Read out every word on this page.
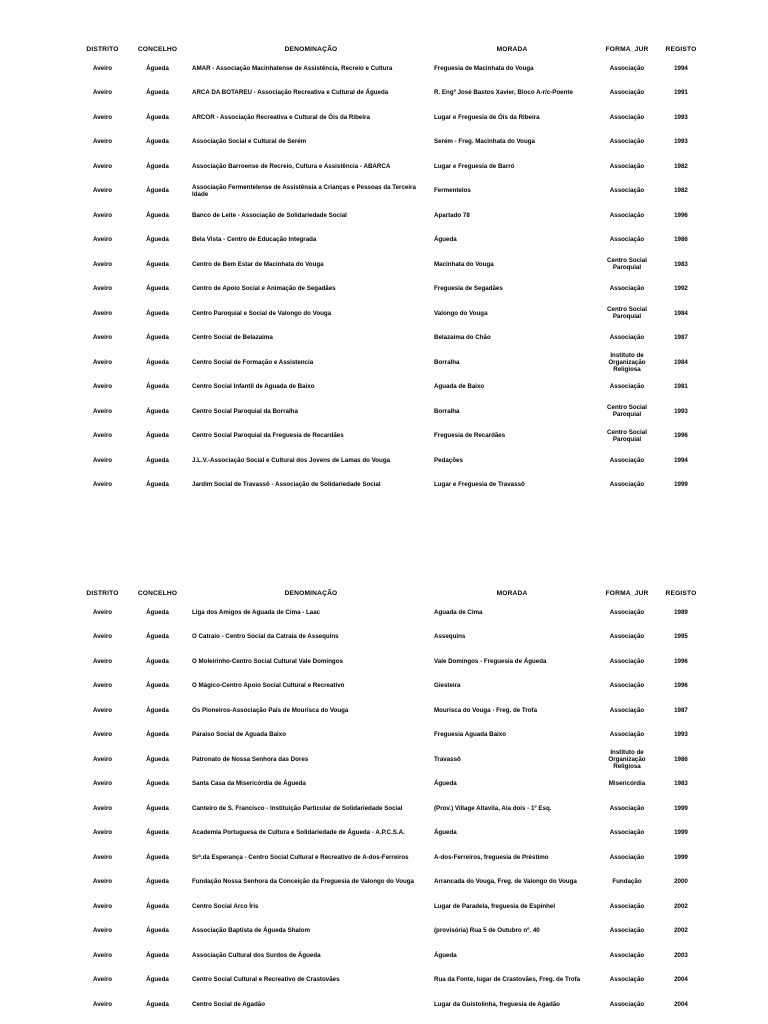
DISTRITO	CONCELHO	DENOMINAÇÃO	MORADA	FORMA_JUR	REGISTO
Aveiro	Águeda	AMAR - Associação Macinhatense de Assistência, Recreio e Cultura	Freguesia de Macinhata do Vouga	Associação	1994
Aveiro	Águeda	ARCA DA BOTAREU - Associação Recreativa e Cultural de Águeda	R. Engº José Bastos Xavier, Bloco A-r/c-Poente	Associação	1991
Aveiro	Águeda	ARCOR - Associação Recreativa e Cultural de Óis da Ribeira	Lugar e Freguesia de Óis da Ribeira	Associação	1993
Aveiro	Águeda	Associação Social e Cultural de Serém	Serém - Freg. Macinhata do Vouga	Associação	1993
Aveiro	Águeda	Associação Barroense de Recreio, Cultura e Assistência - ABARCA	Lugar e Freguesia de Barró	Associação	1982
Aveiro	Águeda	Associação Fermentelense de Assistênsia a Crianças e Pessoas da Terceira Idade	Fermentelos	Associação	1982
Aveiro	Águeda	Banco de Leite - Associação de Solidariedade Social	Apartado 78	Associação	1996
Aveiro	Águeda	Bela Vista - Centro de Educação Integrada	Águeda	Associação	1986
Aveiro	Águeda	Centro de Bem Estar de Macinhata do Vouga	Macinhata do Vouga	Centro Social Paroquial	1983
Aveiro	Águeda	Centro de Apoio Social e Animação de Segadães	Freguesia de Segadães	Associação	1992
Aveiro	Águeda	Centro Paroquial e Social de Valongo do Vouga	Valongo do Vouga	Centro Social Paroquial	1984
Aveiro	Águeda	Centro Social de Belazaima	Belazaima do Chão	Associação	1987
Aveiro	Águeda	Centro Social de Formação e Assistencia	Borralha	Instituto de Organização Religiosa	1984
Aveiro	Águeda	Centro Social Infantil de Aguada de Baixo	Aguada de Baixo	Associação	1981
Aveiro	Águeda	Centro Social Paroquial da Borralha	Borralha	Centro Social Paroquial	1993
Aveiro	Águeda	Centro Social Paroquial da Freguesia de Recardães	Freguesia de Recardães	Centro Social Paroquial	1996
Aveiro	Águeda	J.L.V.-Associação Social e Cultural dos Jovens de Lamas do Vouga	Pedações	Associação	1994
Aveiro	Águeda	Jardim Social de Travassô - Associação de Solidariedade Social	Lugar e Freguesia de Travassô	Associação	1999
DISTRITO	CONCELHO	DENOMINAÇÃO	MORADA	FORMA_JUR	REGISTO
Aveiro	Águeda	Liga dos Amigos de Aguada de Cima - Laac	Aguada de Cima	Associação	1989
Aveiro	Águeda	O Catraio - Centro Social da Catraia de Assequins	Assequins	Associação	1995
Aveiro	Águeda	O Moleirinho-Centro Social Cultural Vale Domingos	Vale Domingos - Freguesia de Águeda	Associação	1996
Aveiro	Águeda	O Mágico-Centro Apoio Social Cultural e Recreativo	Giesteira	Associação	1996
Aveiro	Águeda	Os Pioneiros-Associação Pais de Mourisca do Vouga	Mourisca do Vouga - Freg. de Trofa	Associação	1987
Aveiro	Águeda	Paraiso Social de Aguada Baixo	Freguesia Aguada Baixo	Associação	1993
Aveiro	Águeda	Patronato de Nossa Senhora das Dores	Travassô	Instituto de Organização Religiosa	1986
Aveiro	Águeda	Santa Casa da Misericórdia de Águeda	Águeda	Misericórdia	1983
Aveiro	Águeda	Canteiro de S. Francisco - Instituição Particular de Solidariedade Social	(Prov.) Village Altavila, Ala dois - 1º Esq.	Associação	1999
Aveiro	Águeda	Academia Portuguesa de Cultura e Solidariedade de Águeda - A.P.C.S.A.	Águeda	Associação	1999
Aveiro	Águeda	Srª.da Esperança - Centro Social Cultural e Recreativo de A-dos-Ferreiros	A-dos-Ferreiros, freguesia de Préstimo	Associação	1999
Aveiro	Águeda	Fundação Nossa Senhora da Conceição da Freguesia de Valongo do Vouga	Arrancada do Vouga, Freg. de Valongo do Vouga	Fundação	2000
Aveiro	Águeda	Centro Social Arco Íris	Lugar de Paradela, freguesia de Espinhel	Associação	2002
Aveiro	Águeda	Associação Baptista de Águeda Shalom	(provisória) Rua 5 de Outubro nº. 40	Associação	2002
Aveiro	Águeda	Associação Cultural dos Surdos de Águeda	Águeda	Associação	2003
Aveiro	Águeda	Centro Social Cultural e Recreativo de Crastovães	Rua da Fonte, lugar de Crastovães, Freg. de Trofa	Associação	2004
Aveiro	Águeda	Centro Social de Agadão	Lugar da Guistolinha, freguesia de Agadão	Associação	2004
